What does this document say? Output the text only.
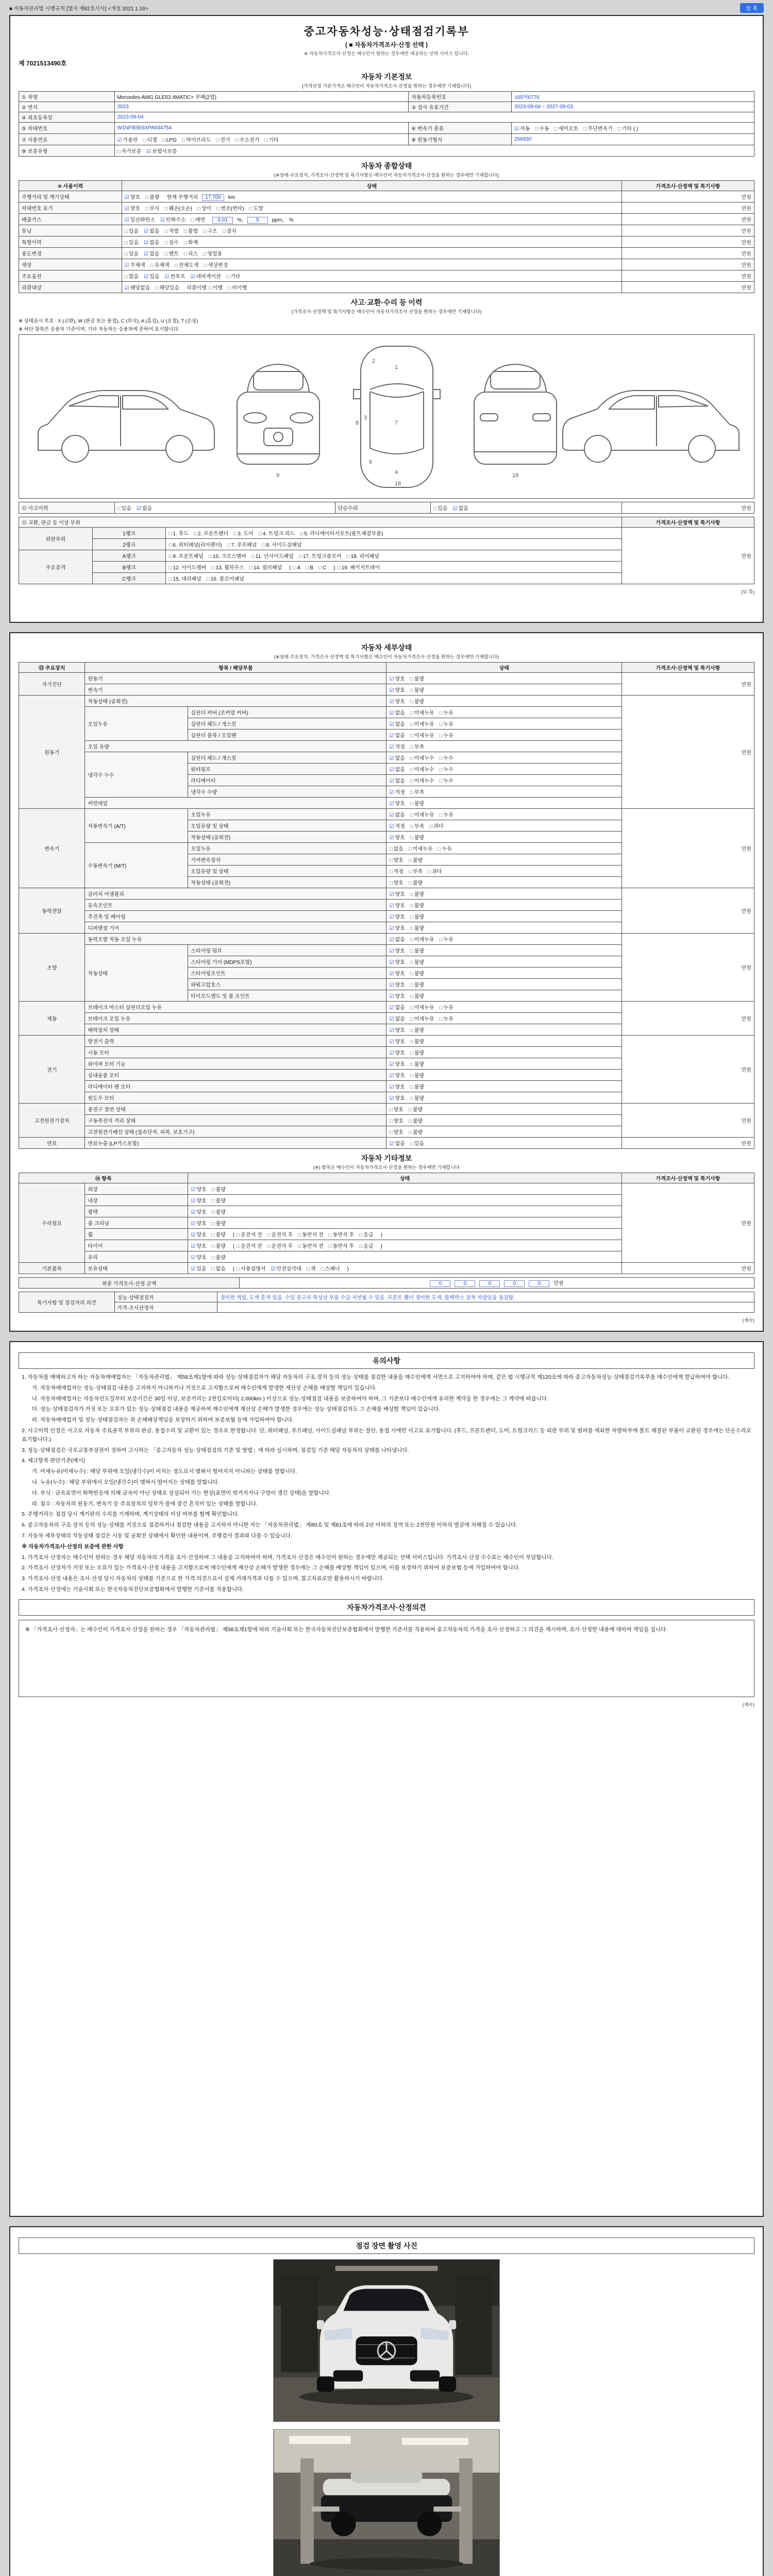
■ 자동차관리법 시행규칙 [별지 제82호서식] <개정 2021.1.16>	앞 쪽
중고자동차성능·상태점검기록부
( ■ 자동차가격조사·산정 선택 )
※ 자동차가격조사·산정은 매수인이 원하는 경우에만 제공하는 선택 서비스 입니다.
제 7021513490호
자동차 기본정보
(가격산정 기준가격은 매수인이 자동차가격조사·산정을 원하는 경우에만 기재합니다)
① 차명	Mercedes-AMG GLE53 4MATIC+ 쿠페(2열)	자동차등록번호	165머6776
② 연식	2023	③ 검사 유효기간	2023-09-04 ~ 2027-09-03
④ 최초등록일	2023-09-04		
⑤ 차대번호	W1NFB5E6XPA934754	⑥ 변속기 종류	☑ 자동 □ 수동 □ 세미오토 □ 무단변속기 □ 기타 ( )
⑦ 사용연료	☑ 가솔린 □ 디젤 □ LPG □ 하이브리드 □ 전기 □ 수소전기 □ 기타	⑧ 원동기형식	256930
⑨ 보증유형	□ 자가보증 ☑ 보험사보증		
자동차 종합상태
(※상태·주요장치, 가격조사·산정액 및 특기사항은 매수인이 자동차가격조사·산정을 원하는 경우에만 기재합니다)
⑩ 사용이력	상태	가격조사·산정액 및 특기사항
주행거리 및 계기상태	☑ 양호 □ 불량 현재 주행거리 17,700 km	만원
차대번호 표기	☑ 양호 □ 부식 □ 훼손(오손) □ 상이 □ 변조(변타) □ 도말	만원
배출가스	☑ 일산화탄소 ☑ 탄화수소 □ 매연 0.01 %, 5 ppm, %	만원
튜닝	□ 있음 ☑ 없음 □ 적법 □ 불법 □ 구조 □ 장치	만원
특별이력	□ 있음 ☑ 없음 □ 침수 □ 화재	만원
용도변경	□ 있음 ☑ 없음 □ 렌트 □ 리스 □ 영업용	만원
색상	☑ 무채색 □ 유채색 □ 전체도색 □ 색상변경	만원
주요옵션	□ 없음 ☑ 있음 ☑ 썬루프 ☑ 네비게이션 □ 기타	만원
리콜대상	☑ 해당없음 □ 해당있음 리콜이행 □ 이행 □ 미이행	만원
사고·교환·수리 등 이력
(가격조사·산정액 및 특기사항은 매수인이 자동차가격조사·산정을 원하는 경우에만 기재합니다)
※ 상태표시 부호 : X (교환), W (판금 또는 용접), C (부식), A (흠집), U (요철), T (손상)
※ 하단 항목은 승용차 기준이며, 기타 자동차는 승용차에 준하여 표시합니다.
9
1
2
3
7
6
8
4
18
18
⑪ 사고이력	□ 있음 ☑ 없음	단순수리	□ 있음 ☑ 없음	만원
⑫ 교환, 판금 등 이상 부위			가격조사·산정액 및 특기사항
외판부위	1랭크	□ 1. 후드 □ 2. 프론트펜더 □ 3. 도어 □ 4. 트렁크 리드 □ 5. 라디에이터서포트(볼트체결부품)	만원
	2랭크	□ 6. 쿼터패널(리어펜더) □ 7. 루프패널 □ 8. 사이드실패널	
주요골격	A랭크	□ 9. 프론트패널 □ 10. 크로스멤버 □ 11. 인사이드패널 □ 17. 트렁크플로어 □ 18. 리어패널	
	B랭크	□ 12. 사이드멤버 □ 13. 휠하우스 □ 14. 필러패널 ( □ A □ B □ C ) □ 19. 패키지트레이	
	C랭크	□ 15. 대쉬패널 □ 16. 플로어패널	
(뒤 쪽)
자동차 세부상태
(※상태·주요장치, 가격조사·산정액 및 특기사항은 매수인이 자동차가격조사·산정을 원하는 경우에만 기재합니다)
⑬ 주요장치	항목 / 해당부품		상태	가격조사·산정액 및 특기사항
자기진단	원동기		☑ 양호 □ 불량	만원
	변속기		☑ 양호 □ 불량	
원동기	작동상태 (공회전)		☑ 양호 □ 불량	만원
	오일누유	실린더 커버 (로커암 커버)	☑ 없음 □ 미세누유 □ 누유	
		실린더 헤드 / 개스킷	☑ 없음 □ 미세누유 □ 누유	
		실린더 블록 / 오일팬	☑ 없음 □ 미세누유 □ 누유	
	오일 유량		☑ 적정 □ 부족	
	냉각수 누수	실린더 헤드 / 개스킷	☑ 없음 □ 미세누수 □ 누수	
		워터펌프	☑ 없음 □ 미세누수 □ 누수	
		라디에이터	☑ 없음 □ 미세누수 □ 누수	
		냉각수 수량	☑ 적정 □ 부족	
	커먼레일		☑ 양호 □ 불량	
변속기	자동변속기 (A/T)	오일누유	☑ 없음 □ 미세누유 □ 누유	만원
		오일유량 및 상태	☑ 적정 □ 부족 □ 과다	
		작동상태 (공회전)	☑ 양호 □ 불량	
	수동변속기 (M/T)	오일누유	□ 없음 □ 미세누유 □ 누유	
		기어변속장치	□ 양호 □ 불량	
		오일유량 및 상태	□ 적정 □ 부족 □ 과다	
		작동상태 (공회전)	□ 양호 □ 불량	
동력전달	클러치 어셈블리		☑ 양호 □ 불량	만원
	등속조인트		☑ 양호 □ 불량	
	추진축 및 베어링		☑ 양호 □ 불량	
	디퍼렌셜 기어		☑ 양호 □ 불량	
조향	동력조향 작동 오일 누유		☑ 없음 □ 미세누유 □ 누유	만원
	작동상태	스티어링 펌프	☑ 양호 □ 불량	
		스티어링 기어 (MDPS포함)	☑ 양호 □ 불량	
		스티어링조인트	☑ 양호 □ 불량	
		파워고압호스	☑ 양호 □ 불량	
		타이로드엔드 및 볼 조인트	☑ 양호 □ 불량	
제동	브레이크 마스터 실린더오일 누유		☑ 없음 □ 미세누유 □ 누유	만원
	브레이크 오일 누유		☑ 없음 □ 미세누유 □ 누유	
	배력장치 상태		☑ 양호 □ 불량	
전기	발전기 출력		☑ 양호 □ 불량	만원
	시동 모터		☑ 양호 □ 불량	
	와이퍼 모터 기능		☑ 양호 □ 불량	
	실내송풍 모터		☑ 양호 □ 불량	
	라디에이터 팬 모터		☑ 양호 □ 불량	
	윈도우 모터		☑ 양호 □ 불량	
고전원전기장치	충전구 절연 상태		□ 양호 □ 불량	만원
	구동축전지 격리 상태		□ 양호 □ 불량	
	고전원전기배선 상태 (접속단자, 피복, 보호기구)		□ 양호 □ 불량	
연료	연료누출 (LP가스포함)		☑ 없음 □ 있음	만원
자동차 기타정보
(※) 항목은 매수인이 자동차가격조사·산정을 원하는 경우에만 기재합니다
⑭ 항목		상태	가격조사·산정액 및 특기사항
수리필요	외장	☑ 양호 □ 불량	만원
	내장	☑ 양호 □ 불량	
	광택	☑ 양호 □ 불량	
	룸 크리닝	☑ 양호 □ 불량	
	휠	☑ 양호 □ 불량 ( □ 운전석 전 □ 운전석 후 □ 동반석 전 □ 동반석 후 □ 응급 )	
	타이어	☑ 양호 □ 불량 ( □ 운전석 전 □ 운전석 후 □ 동반석 전 □ 동반석 후 □ 응급 )	
	유리	☑ 양호 □ 불량	
기본품목	보유상태	☑ 있음 □ 없음 ( □ 사용설명서 ☑ 안전삼각대 □ 잭 □ 스패너 )	만원
최종 가격조사·산정 금액	0	0	0	0	0	만원
특기사항 및 점검자의 의견	성능·상태점검자	경미한 찍힘, 도색 흔적 있음. 수입 중고차 특성상 부품 수급 지연될 수 있음. 프론트 휀더 경미한 도색, 블랙박스 장착 차량임을 점검함.
	가격·조사산정자	
(계속)
유의사항
1. 자동차를 매매하고자 하는 자동차매매업자는 「자동차관리법」 제58조제1항에 따라 성능·상태점검자가 해당 자동차의 구조·장치 등의 성능·상태를 점검한 내용을 매수인에게 서면으로 고지하여야 하며, 같은 법 시행규칙 제120조에 따라 중고자동차성능·상태점검기록부를 매수인에게 발급하여야 합니다.
가. 자동차매매업자는 성능·상태점검 내용을 고지하지 아니하거나 거짓으로 고지함으로써 매수인에게 발생한 재산상 손해를 배상할 책임이 있습니다.
나. 자동차매매업자는 자동차인도일부터 보증기간은 30일 이상, 보증거리는 2천킬로미터( 2,000km ) 이상으로 성능·상태점검 내용을 보증하여야 하며, 그 기준보다 매수인에게 유리한 계약을 한 경우에는 그 계약에 따릅니다.
다. 성능·상태점검자가 거짓 또는 오류가 있는 성능·상태점검 내용을 제공하여 매수인에게 재산상 손해가 발생한 경우에는 성능·상태점검자도 그 손해를 배상할 책임이 있습니다.
라. 자동차매매업자 및 성능·상태점검자는 위 손해배상책임을 보장하기 위하여 보증보험 등에 가입하여야 합니다.
2. 사고이력 인정은 사고로 자동차 주요골격 부위의 판금, 용접수리 및 교환이 있는 경우로 한정합니다. 단, 쿼터패널, 루프패널, 사이드실패널 부위는 절단, 용접 시에만 사고로 표기합니다. (후드, 프론트펜더, 도어, 트렁크리드 등 외판 부위 및 범퍼를 제외한 차량하부에 볼트 체결된 부품이 교환된 경우에는 단순수리로 표기합니다.)
3. 성능·상태점검은 국토교통부장관이 정하여 고시하는 「중고자동차 성능·상태점검의 기준 및 방법」에 따라 실시하며, 점검일 기준 해당 자동차의 상태를 나타냅니다.
4. 체크항목 판단기준(예시)
가. 미세누유(미세누수) : 해당 부위에 오일(냉각수)이 비치는 정도로서 맺혀서 떨어지지 아니하는 상태를 말합니다.
나. 누유(누수) : 해당 부위에서 오일(냉각수)이 맺혀서 떨어지는 상태를 말합니다.
다. 부식 : 금속표면이 화학반응에 의해 금속이 아닌 상태로 상실되어 가는 현상(표면이 벗겨지거나 구멍이 생긴 상태)을 말합니다.
라. 침수 : 자동차의 원동기, 변속기 등 주요장치의 일부가 물에 잠긴 흔적이 있는 상태를 말합니다.
5. 주행거리는 점검 당시 계기판의 수치를 기재하며, 계기상태의 이상 여부를 함께 확인합니다.
6. 중고자동차의 구조·장치 등의 성능·상태를 거짓으로 점검하거나 점검한 내용을 고지하지 아니한 자는 「자동차관리법」 제80조 및 제81조에 따라 2년 이하의 징역 또는 2천만원 이하의 벌금에 처해질 수 있습니다.
7. 자동차 세부상태의 작동상태 점검은 시동 및 공회전 상태에서 확인한 내용이며, 주행검사 결과와 다를 수 있습니다.
※ 자동차가격조사·산정의 보증에 관한 사항
1. 가격조사·산정자는 매수인이 원하는 경우 해당 자동차의 가격을 조사·산정하여 그 내용을 고지하여야 하며, 가격조사·산정은 매수인이 원하는 경우에만 제공되는 선택 서비스입니다. 가격조사·산정 수수료는 매수인이 부담합니다.
2. 가격조사·산정자가 거짓 또는 오류가 있는 가격조사·산정 내용을 고지함으로써 매수인에게 재산상 손해가 발생한 경우에는 그 손해를 배상할 책임이 있으며, 이를 보장하기 위하여 보증보험 등에 가입하여야 합니다.
3. 가격조사·산정 내용은 조사·산정 당시 자동차의 상태를 기준으로 한 가격 의견으로서 실제 거래가격과 다를 수 있으며, 참고자료로만 활용하시기 바랍니다.
4. 가격조사·산정에는 기술사회 또는 한국자동차진단보증협회에서 발행한 기준서를 적용합니다.
자동차가격조사·산정의견
※ 「가격조사·산정자」는 매수인이 가격조사·산정을 원하는 경우 「자동차관리법」 제58조제1항에 따라 기술사회 또는 한국자동차진단보증협회에서 발행한 기준서를 적용하여 중고자동차의 가격을 조사·산정하고 그 의견을 제시하며, 조사·산정한 내용에 대하여 책임을 집니다.
(계속)
점검 장면 촬영 사진
